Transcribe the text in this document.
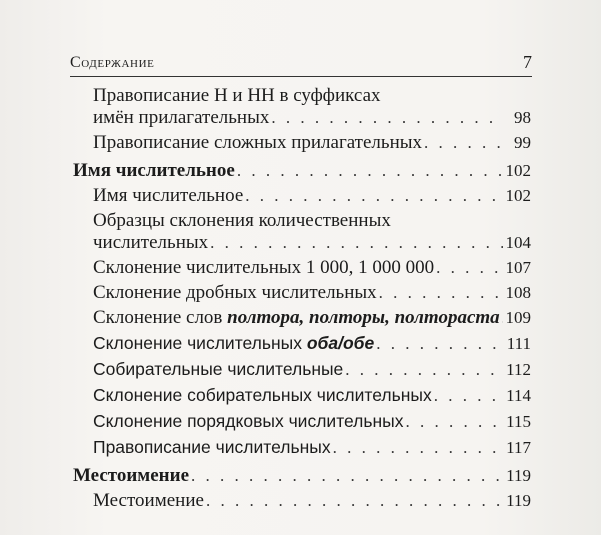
Содержание	7
Правописание Н и НН в суффиксах
имён прилагательных . . .	98
Правописание сложных прилагательных . . .	99
Имя числительное . . .	102
Имя числительное . . .	102
Образцы склонения количественных
числительных . . .	104
Склонение числительных 1 000, 1 000 000 . . .	107
Склонение дробных числительных . . .	108
Склонение слов полтора, полторы, полтораста . . . 109
Склонение числительных оба/обе . . .	111
Собирательные числительные . . .	112
Склонение собирательных числительных . . .	114
Склонение порядковых числительных . . .	115
Правописание числительных . . .	117
Местоимение . . .	119
Местоимение . . .	119
